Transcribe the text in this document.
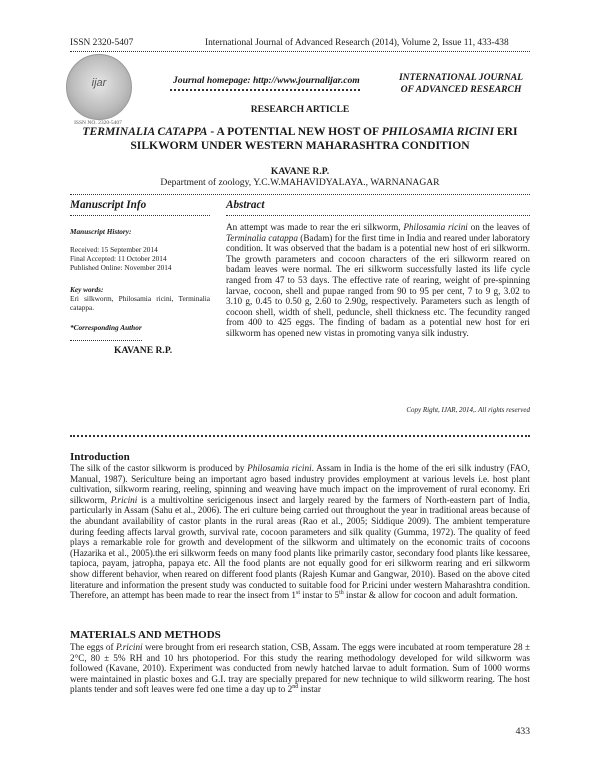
ISSN 2320-5407	International Journal of Advanced Research (2014), Volume 2, Issue 11, 433-438
ijar
ISSN NO. 2320-5407
Journal homepage: http://www.journalijar.com	INTERNATIONAL JOURNAL
OF ADVANCED RESEARCH
RESEARCH ARTICLE
TERMINALIA CATAPPA - A POTENTIAL NEW HOST OF PHILOSAMIA RICINI ERI SILKWORM UNDER WESTERN MAHARASHTRA CONDITION
KAVANE R.P.
Department of zoology, Y.C.W.MAHAVIDYALAYA., WARNANAGAR
Manuscript Info	Abstract
Manuscript History:
Received: 15 September 2014
Final Accepted: 11 October 2014
Published Online: November 2014
Key words:
Eri silkworm, Philosamia ricini, Terminalia catappa.
*Corresponding Author
KAVANE R.P.
An attempt was made to rear the eri silkworm, Philosamia ricini on the leaves of Terminalia catappa (Badam) for the first time in India and reared under laboratory condition. It was observed that the badam is a potential new host of eri silkworm. The growth parameters and cocoon characters of the eri silkworm reared on badam leaves were normal. The eri silkworm successfully lasted its life cycle ranged from 47 to 53 days. The effective rate of rearing, weight of pre-spinning larvae, cocoon, shell and pupae ranged from 90 to 95 per cent, 7 to 9 g, 3.02 to 3.10 g, 0.45 to 0.50 g, 2.60 to 2.90g, respectively. Parameters such as length of cocoon shell, width of shell, peduncle, shell thickness etc. The fecundity ranged from 400 to 425 eggs. The finding of badam as a potential new host for eri silkworm has opened new vistas in promoting vanya silk industry.
Copy Right, IJAR, 2014,. All rights reserved
Introduction
The silk of the castor silkworm is produced by Philosamia ricini. Assam in India is the home of the eri silk industry (FAO, Manual, 1987). Sericulture being an important agro based industry provides employment at various levels i.e. host plant cultivation, silkworm rearing, reeling, spinning and weaving have much impact on the improvement of rural economy. Eri silkworm, P.ricini is a multivoltine sericigenous insect and largely reared by the farmers of North-eastern part of India, particularly in Assam (Sahu et al., 2006). The eri culture being carried out throughout the year in traditional areas because of the abundant availability of castor plants in the rural areas (Rao et al., 2005; Siddique 2009). The ambient temperature during feeding affects larval growth, survival rate, cocoon parameters and silk quality (Gumma, 1972). The quality of feed plays a remarkable role for growth and development of the silkworm and ultimately on the economic traits of cocoons (Hazarika et al., 2005).the eri silkworm feeds on many food plants like primarily castor, secondary food plants like kessaree, tapioca, payam, jatropha, papaya etc. All the food plants are not equally good for eri silkworm rearing and eri silkworm show different behavior, when reared on different food plants (Rajesh Kumar and Gangwar, 2010). Based on the above cited literature and information the present study was conducted to suitable food for P.ricini under western Maharashtra condition. Therefore, an attempt has been made to rear the insect from 1st instar to 5th instar & allow for cocoon and adult formation.
MATERIALS AND METHODS
The eggs of P.ricini were brought from eri research station, CSB, Assam. The eggs were incubated at room temperature 28 ± 2°C, 80 ± 5% RH and 10 hrs photoperiod. For this study the rearing methodology developed for wild silkworm was followed (Kavane, 2010). Experiment was conducted from newly hatched larvae to adult formation. Sum of 1000 worms were maintained in plastic boxes and G.I. tray are specially prepared for new technique to wild silkworm rearing. The host plants tender and soft leaves were fed one time a day up to 2nd instar
433
